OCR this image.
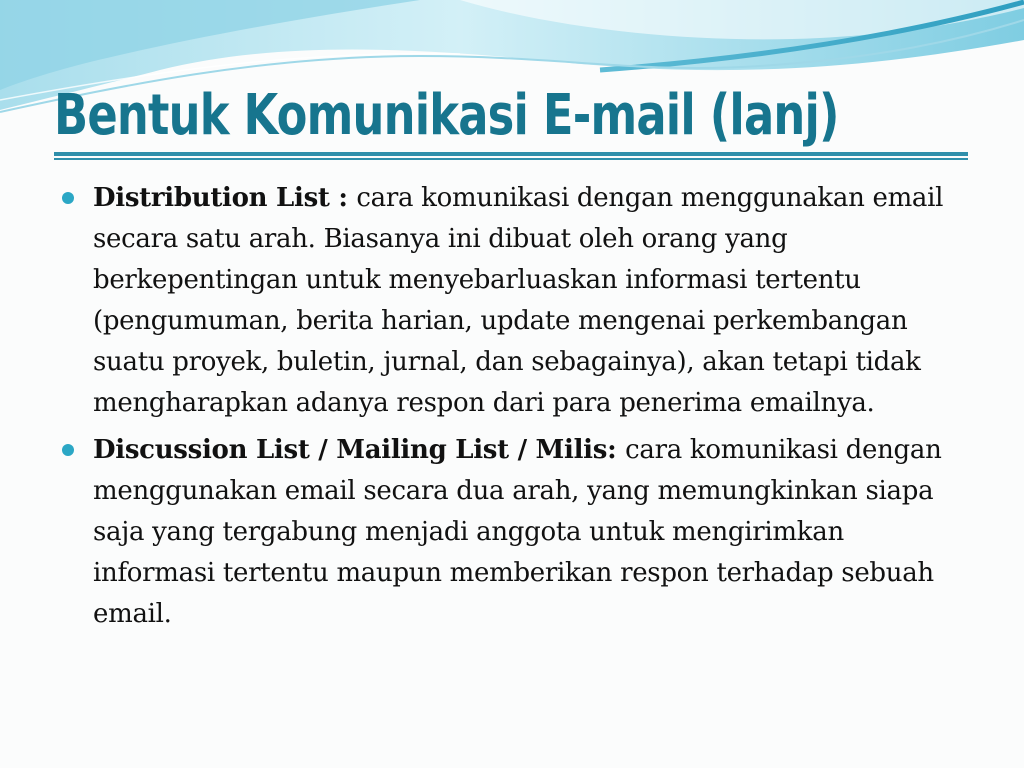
Bentuk Komunikasi E-mail (lanj)
Distribution List : cara komunikasi dengan menggunakan email secara satu arah. Biasanya ini dibuat oleh orang yang berkepentingan untuk menyebarluaskan informasi tertentu (pengumuman, berita harian, update mengenai perkembangan suatu proyek, buletin, jurnal, dan sebagainya), akan tetapi tidak mengharapkan adanya respon dari para penerima emailnya.
Discussion List / Mailing List / Milis: cara komunikasi dengan menggunakan email secara dua arah, yang memungkinkan siapa saja yang tergabung menjadi anggota untuk mengirimkan informasi tertentu maupun memberikan respon terhadap sebuah email.
